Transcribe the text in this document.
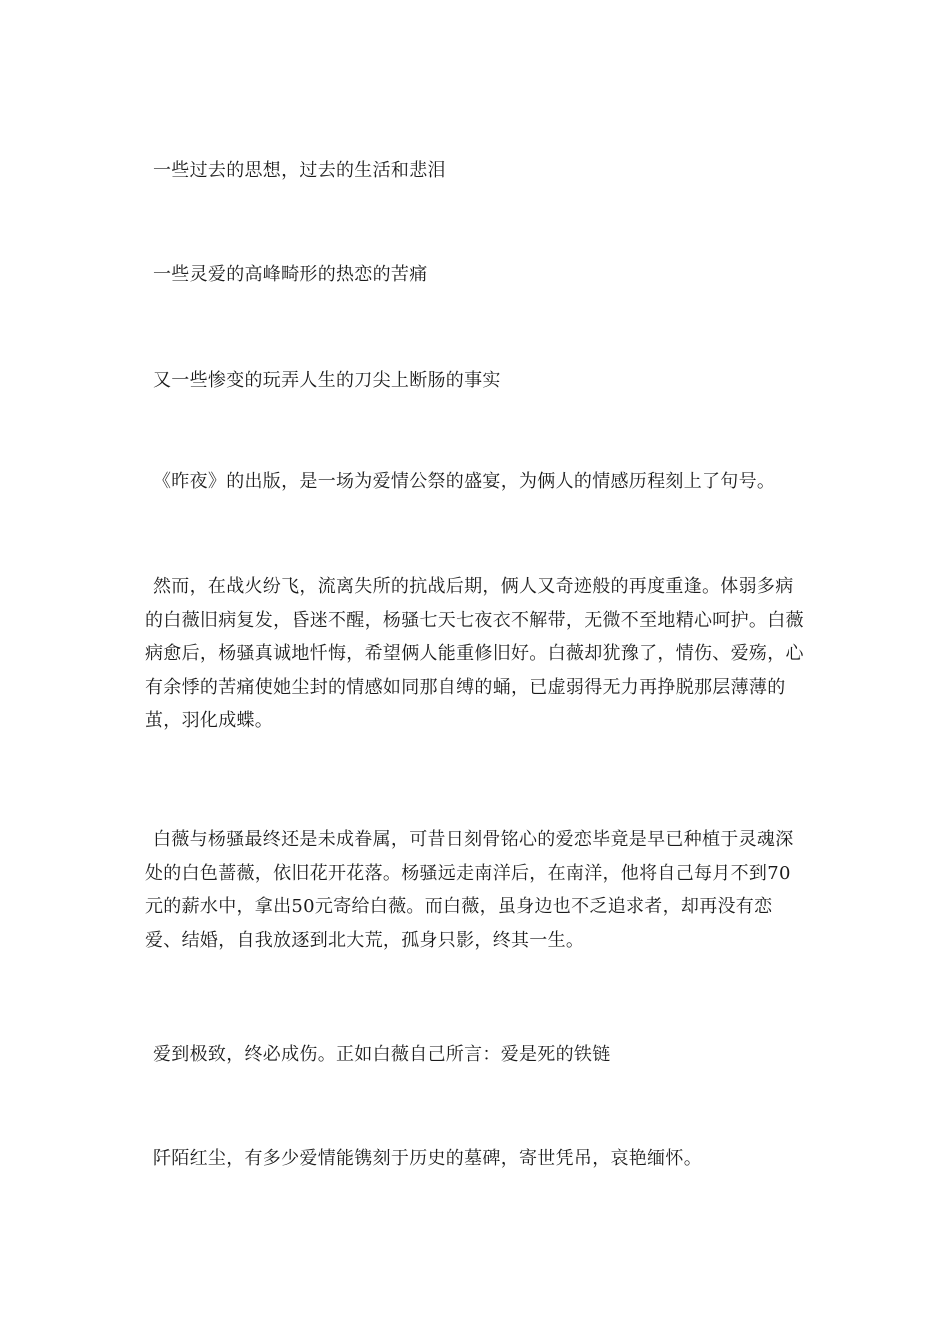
一些过去的思想，过去的生活和悲泪

一些灵爱的高峰畸形的热恋的苦痛

又一些惨变的玩弄人生的刀尖上断肠的事实

《昨夜》的出版，是一场为爱情公祭的盛宴，为俩人的情感历程刻上了句号。

然而，在战火纷飞，流离失所的抗战后期，俩人又奇迹般的再度重逢。体弱多病的白薇旧病复发，昏迷不醒，杨骚七天七夜衣不解带，无微不至地精心呵护。白薇病愈后，杨骚真诚地忏悔，希望俩人能重修旧好。白薇却犹豫了，情伤、爱殇，心有余悸的苦痛使她尘封的情感如同那自缚的蛹，已虚弱得无力再挣脱那层薄薄的茧，羽化成蝶。

白薇与杨骚最终还是未成眷属，可昔日刻骨铭心的爱恋毕竟是早已种植于灵魂深处的白色蔷薇，依旧花开花落。杨骚远走南洋后，在南洋，他将自己每月不到70元的薪水中，拿出50元寄给白薇。而白薇，虽身边也不乏追求者，却再没有恋爱、结婚，自我放逐到北大荒，孤身只影，终其一生。

爱到极致，终必成伤。正如白薇自己所言：爱是死的铁链

阡陌红尘，有多少爱情能镌刻于历史的墓碑，寄世凭吊，哀艳缅怀。
